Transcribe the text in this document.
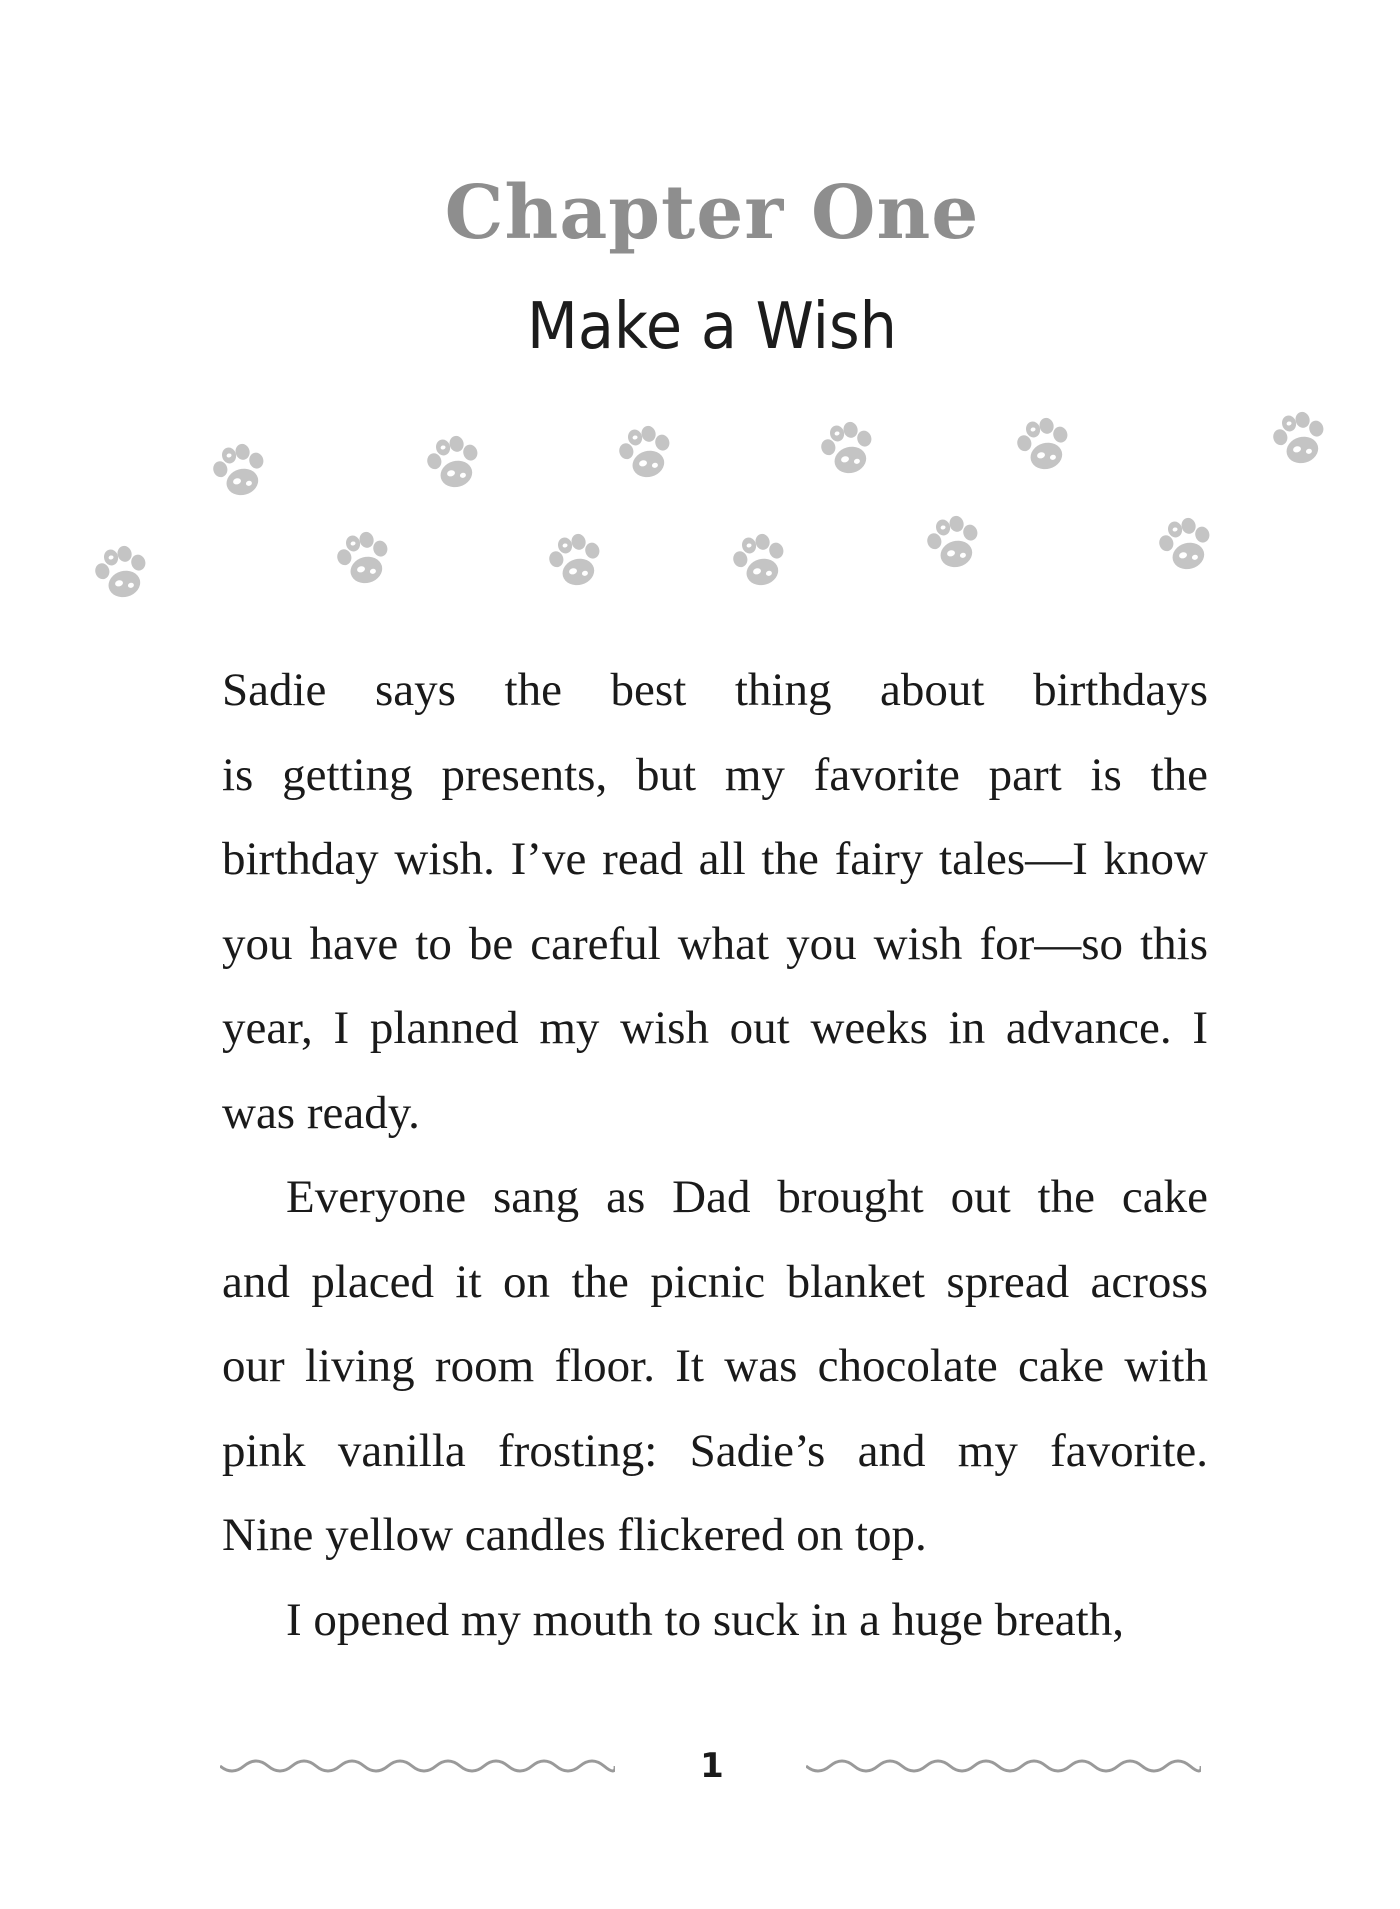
Chapter One
Make a Wish
Sadie says the best thing about birthdays
is getting presents, but my favorite part is the
birthday wish. I’ve read all the fairy tales—I know
you have to be careful what you wish for—so this
year, I planned my wish out weeks in advance. I
was ready.
Everyone sang as Dad brought out the cake
and placed it on the picnic blanket spread across
our living room floor. It was chocolate cake with
pink vanilla frosting: Sadie’s and my favorite.
Nine yellow candles flickered on top.
I opened my mouth to suck in a huge breath,
1
